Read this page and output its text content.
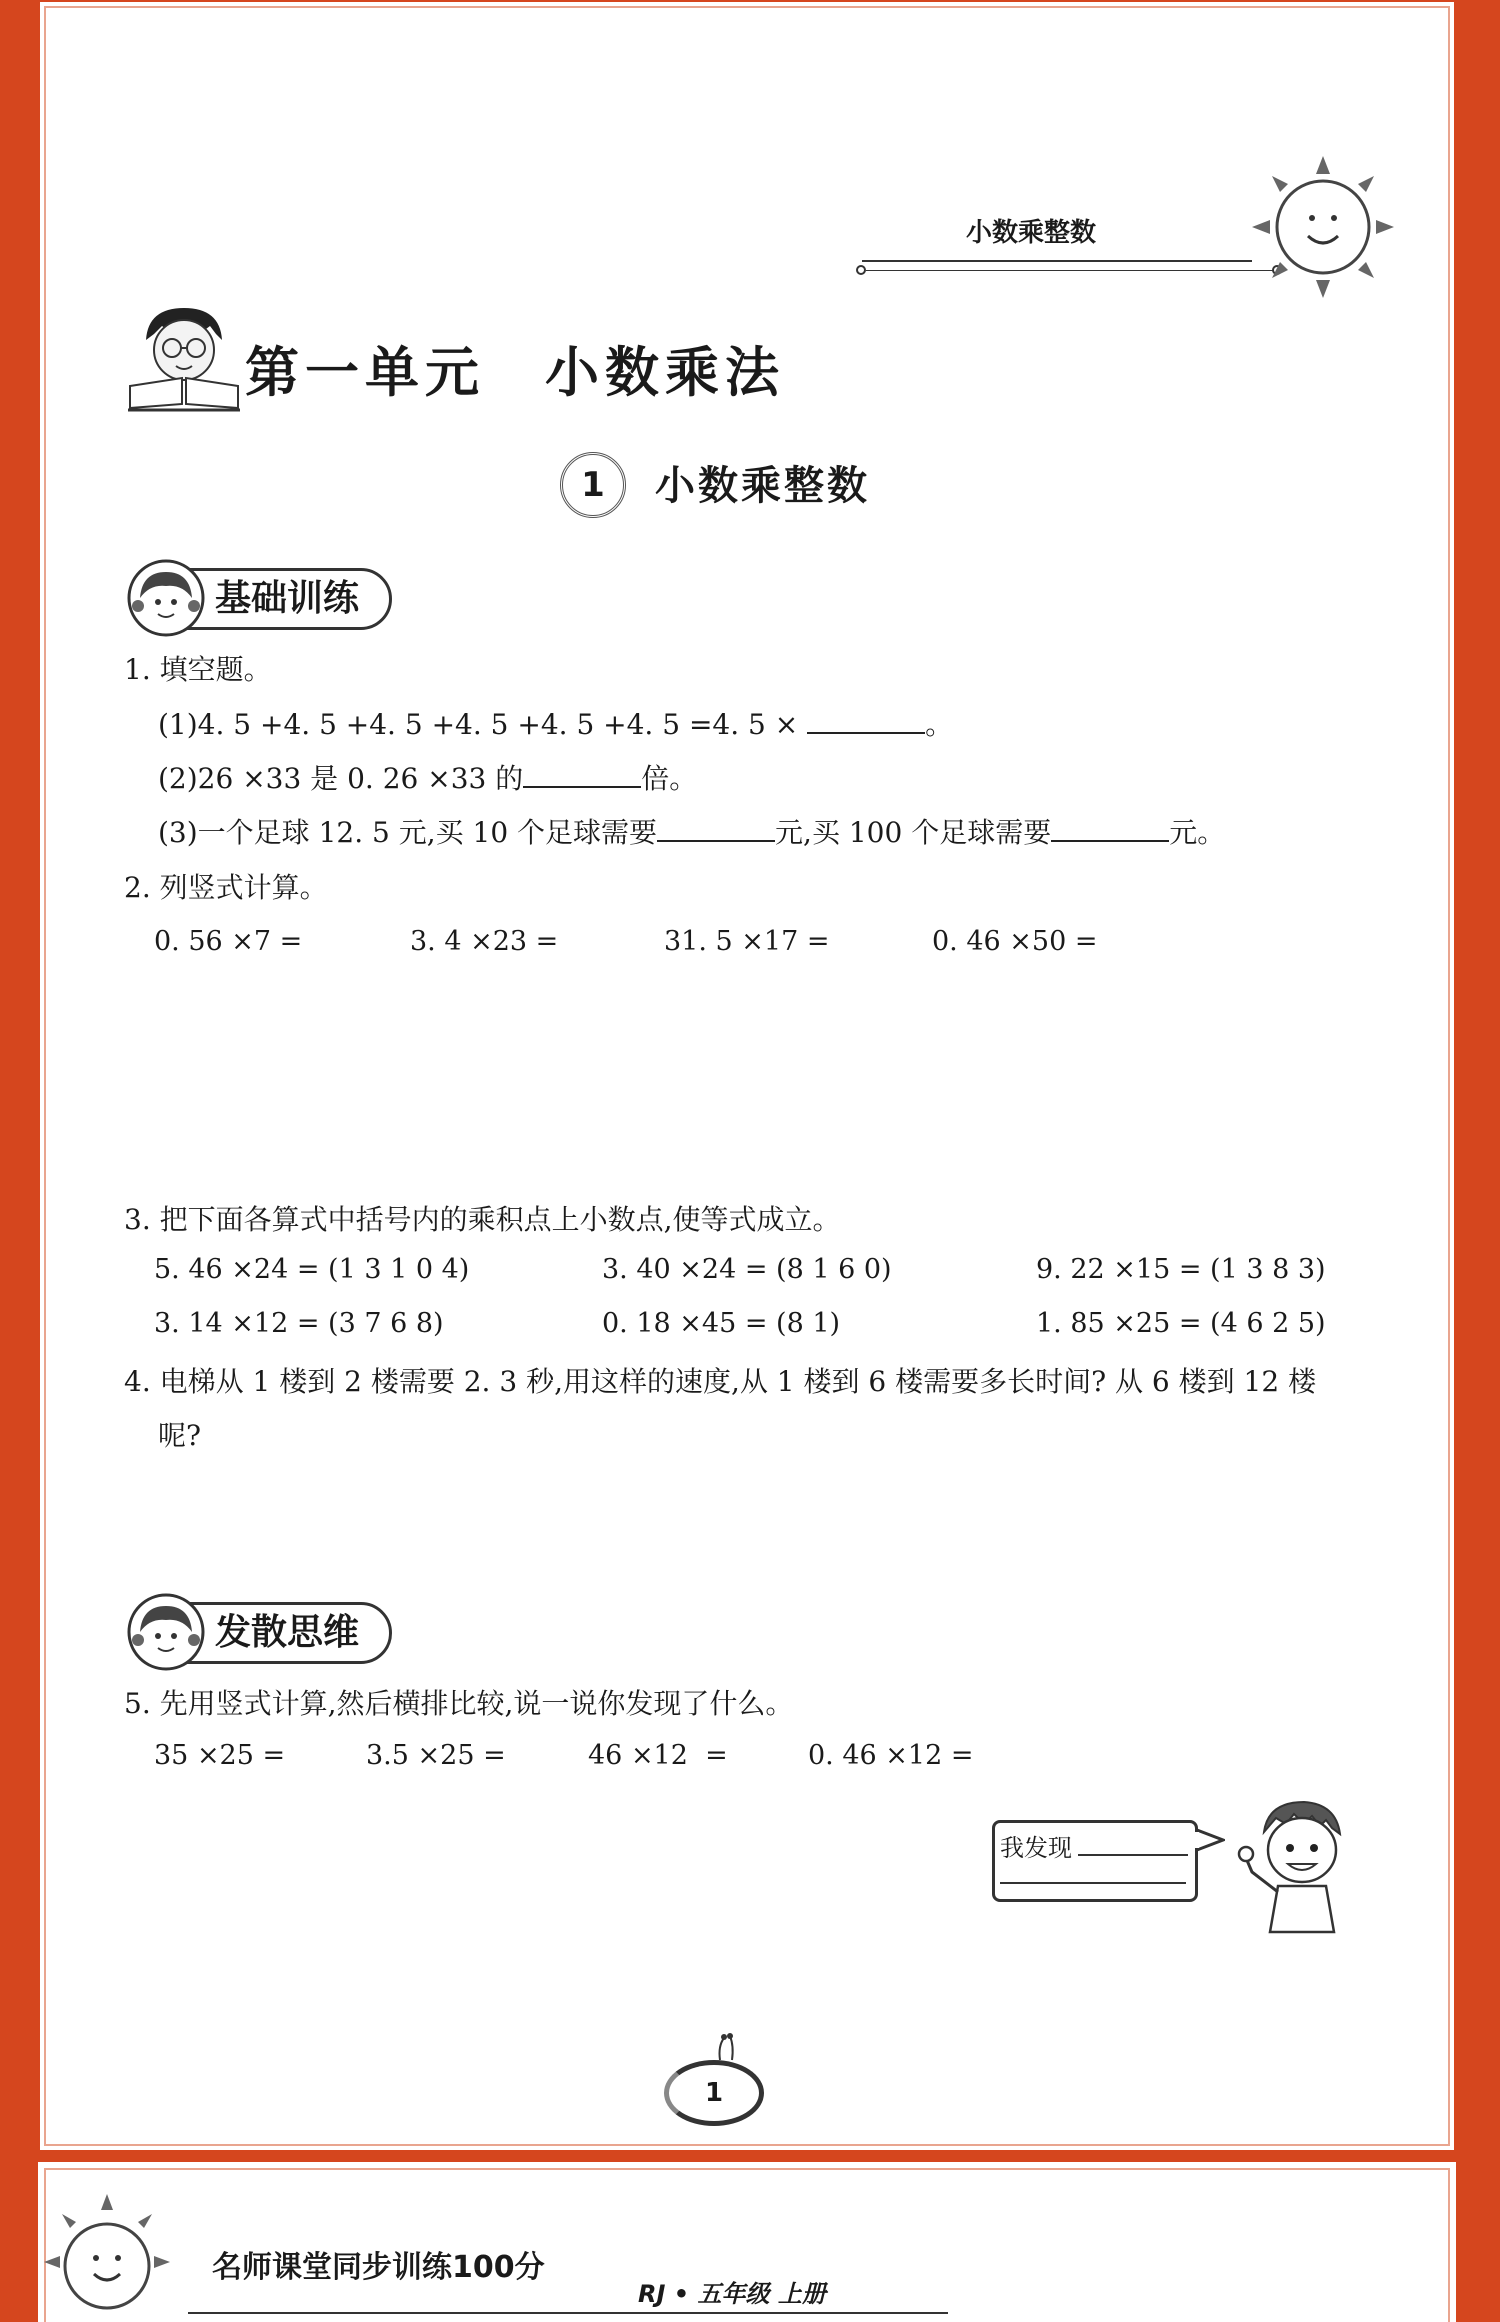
小数乘整数
第一单元 小数乘法
1	小数乘整数
基础训练
1. 填空题。
(1)4. 5 +4. 5 +4. 5 +4. 5 +4. 5 +4. 5 =4. 5 ×	。
(2)26 ×33 是 0. 26 ×33 的	倍。
(3)一个足球 12. 5 元,买 10 个足球需要	元,买 100 个足球需要	元。
2. 列竖式计算。
0. 56 ×7 =	3. 4 ×23 =	31. 5 ×17 =	0. 46 ×50 =
3. 把下面各算式中括号内的乘积点上小数点,使等式成立。
5. 46 ×24 = (1 3 1 0 4)	3. 40 ×24 = (8 1 6 0)	9. 22 ×15 = (1 3 8 3)
3. 14 ×12 = (3 7 6 8)	0. 18 ×45 = (8 1)	1. 85 ×25 = (4 6 2 5)
4. 电梯从 1 楼到 2 楼需要 2. 3 秒,用这样的速度,从 1 楼到 6 楼需要多长时间? 从 6 楼到 12 楼
呢?
发散思维
5. 先用竖式计算,然后横排比较,说一说你发现了什么。
35 ×25 =	3.5 ×25 =	46 ×12  =	0. 46 ×12 =
我发现
1
名师课堂同步训练100分
RJ • 五年级 上册
